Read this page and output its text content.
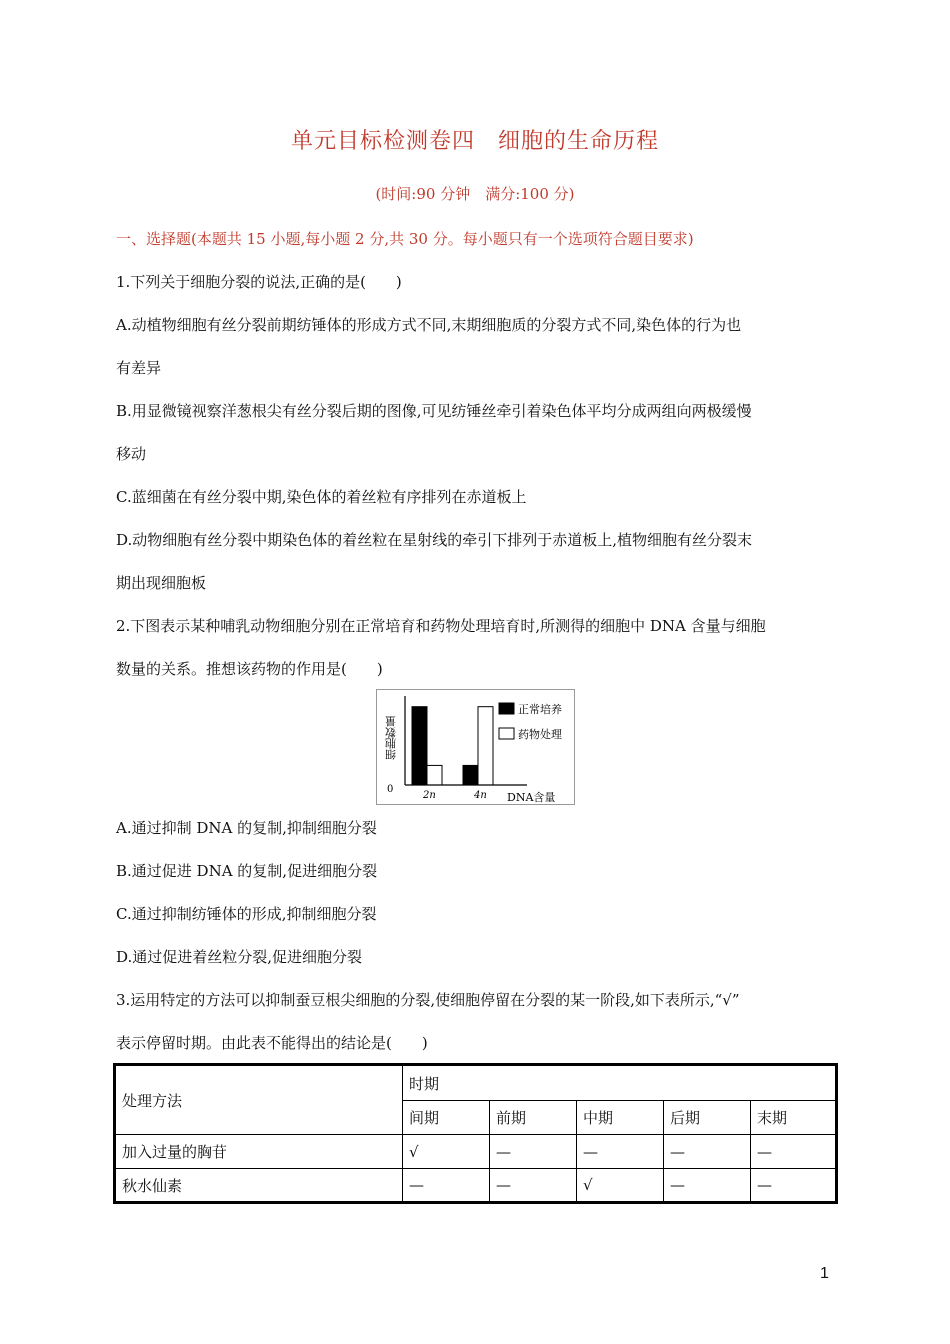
单元目标检测卷四　细胞的生命历程
(时间:90 分钟　满分:100 分)
一、选择题(本题共 15 小题,每小题 2 分,共 30 分。每小题只有一个选项符合题目要求)
1.下列关于细胞分裂的说法,正确的是(　　)
A.动植物细胞有丝分裂前期纺锤体的形成方式不同,末期细胞质的分裂方式不同,染色体的行为也
有差异
B.用显微镜视察洋葱根尖有丝分裂后期的图像,可见纺锤丝牵引着染色体平均分成两组向两极缓慢
移动
C.蓝细菌在有丝分裂中期,染色体的着丝粒有序排列在赤道板上
D.动物细胞有丝分裂中期染色体的着丝粒在星射线的牵引下排列于赤道板上,植物细胞有丝分裂末
期出现细胞板
2.下图表示某种哺乳动物细胞分别在正常培育和药物处理培育时,所测得的细胞中 DNA 含量与细胞
数量的关系。推想该药物的作用是(　　)
2n	4n
细胞数量
0
DNA含量
正常培养
药物处理
A.通过抑制 DNA 的复制,抑制细胞分裂
B.通过促进 DNA 的复制,促进细胞分裂
C.通过抑制纺锤体的形成,抑制细胞分裂
D.通过促进着丝粒分裂,促进细胞分裂
3.运用特定的方法可以抑制蚕豆根尖细胞的分裂,使细胞停留在分裂的某一阶段,如下表所示,“√”
表示停留时期。由此表不能得出的结论是(　　)
处理方法	时期				
	间期	前期	中期	后期	末期
加入过量的胸苷	√	—	—	—	—
秋水仙素	—	—	√	—	—
1
